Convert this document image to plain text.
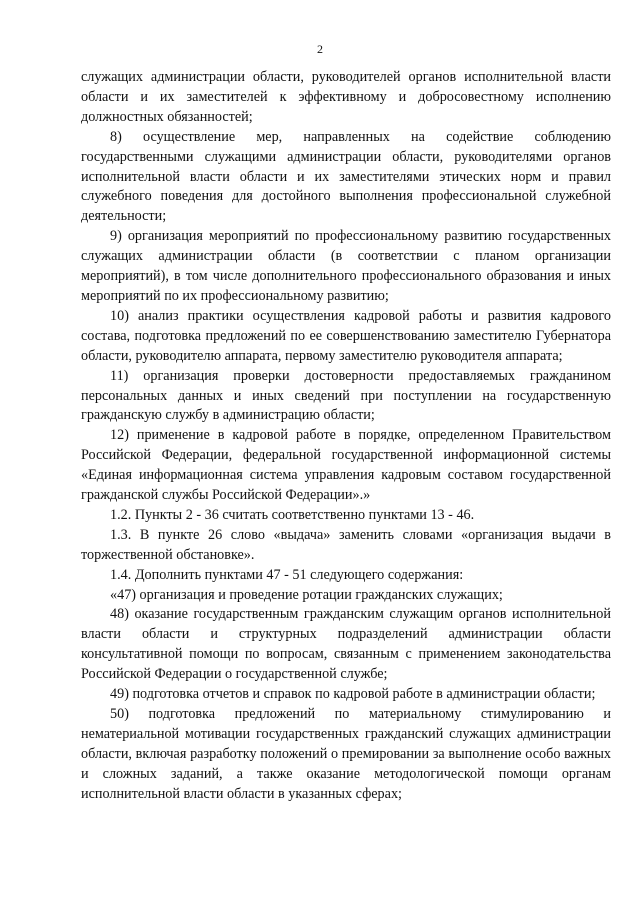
2

служащих администрации области, руководителей органов исполнительной власти области и их заместителей к эффективному и добросовестному исполнению должностных обязанностей;

8) осуществление мер, направленных на содействие соблюдению государственными служащими администрации области, руководителями органов исполнительной власти области и их заместителями этических норм и правил служебного поведения для достойного выполнения профессиональной служебной деятельности;

9) организация мероприятий по профессиональному развитию государственных служащих администрации области (в соответствии с планом организации мероприятий), в том числе дополнительного профессионального образования и иных мероприятий по их профессиональному развитию;

10) анализ практики осуществления кадровой работы и развития кадрового состава, подготовка предложений по ее совершенствованию заместителю Губернатора области, руководителю аппарата, первому заместителю руководителя аппарата;

11) организация проверки достоверности предоставляемых гражданином персональных данных и иных сведений при поступлении на государственную гражданскую службу в администрацию области;

12) применение в кадровой работе в порядке, определенном Правительством Российской Федерации, федеральной государственной информационной системы «Единая информационная система управления кадровым составом государственной гражданской службы Российской Федерации».»

1.2. Пункты 2 - 36 считать соответственно пунктами 13 - 46.

1.3. В пункте 26 слово «выдача» заменить словами «организация выдачи в торжественной обстановке».

1.4. Дополнить пунктами 47 - 51 следующего содержания:

«47) организация и проведение ротации гражданских служащих;

48) оказание государственным гражданским служащим органов исполнительной власти области и структурных подразделений администрации области консультативной помощи по вопросам, связанным с применением законодательства Российской Федерации о государственной службе;

49) подготовка отчетов и справок по кадровой работе в администрации области;

50) подготовка предложений по материальному стимулированию и нематериальной мотивации государственных гражданский служащих администрации области, включая разработку положений о премировании за выполнение особо важных и сложных заданий, а также оказание методологической помощи органам исполнительной власти области в указанных сферах;
